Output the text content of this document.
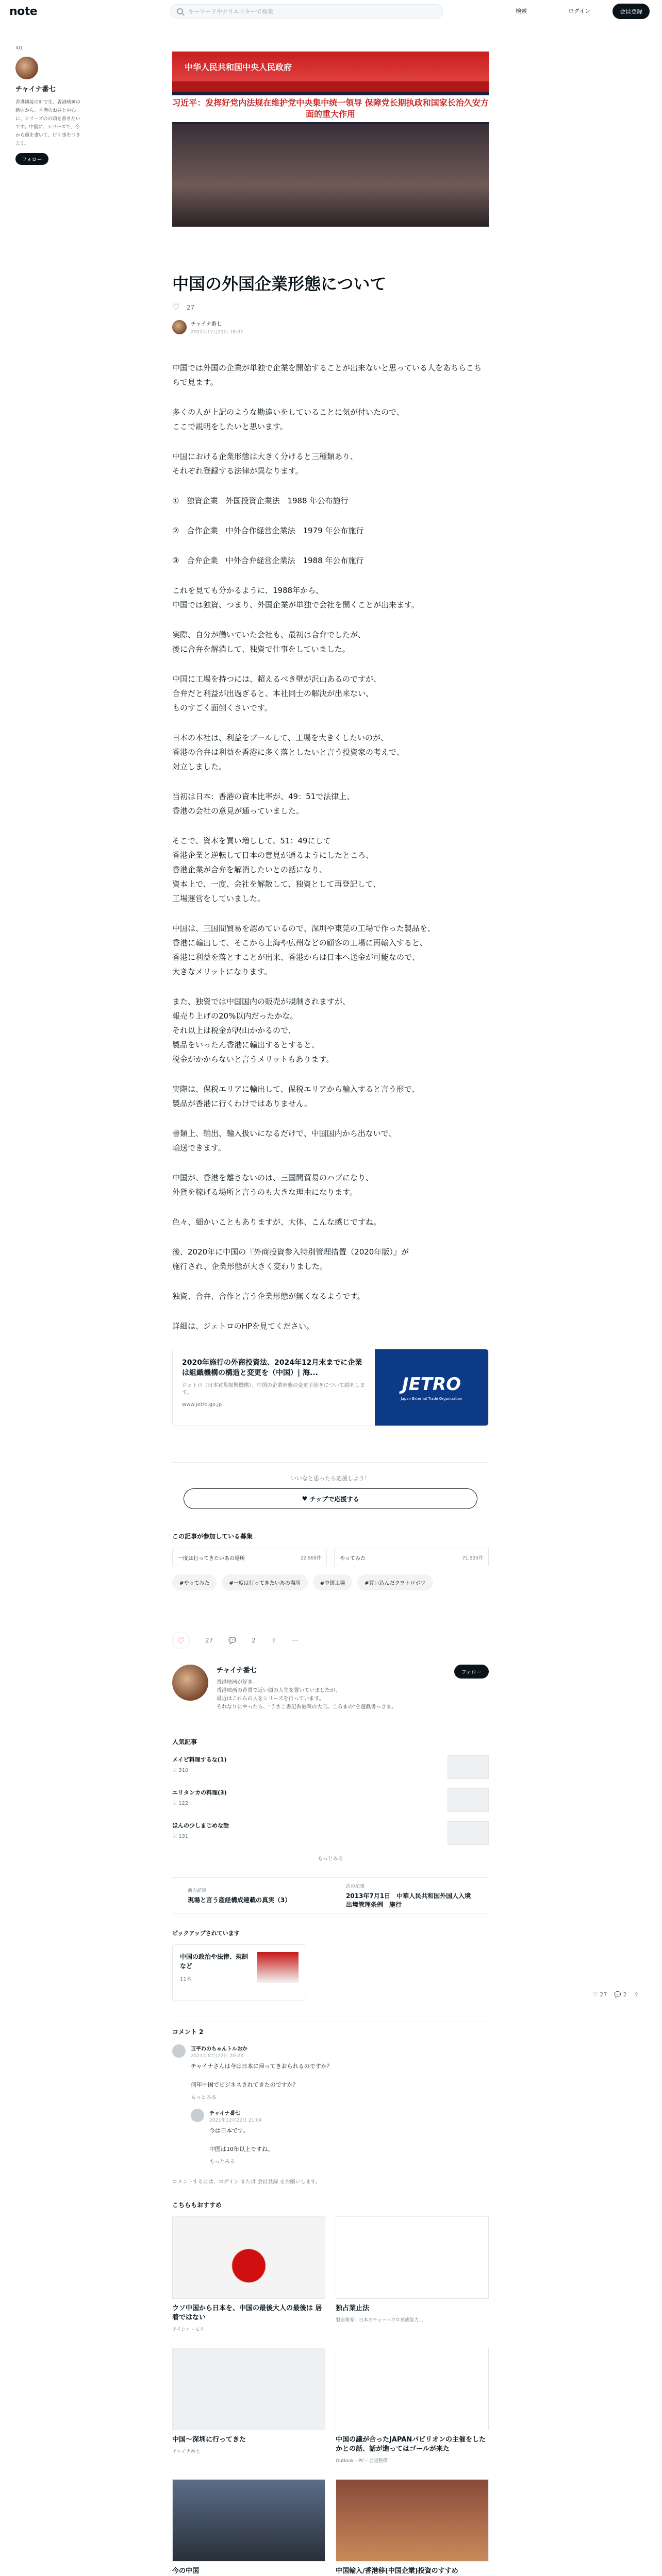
note	キーワードやクリエイターで検索	検索	ログイン	会員登録
40,
チャイナ番七
香港隣接の町で生、香港映画の新居から、香港のお昼と中心に、シリーズのの頭を書きたいです。中国に、シリーズで、今から頭を書いて、行く事をつきます。
フォロー
中华人民共和国中央人民政府
习近平：发挥好党内法规在维护党中央集中统一领导 保障党长期执政和国家长治久安方面的重大作用
中国の外国企業形態について
♡
27
チャイナ番七
2021年12月21日 18:07

中国では外国の企業が単独で企業を開始することが出来ないと思っている人をあちらこちらで見ます。

多くの人が上記のような勘違いをしていることに気が付いたので、
ここで説明をしたいと思います。

中国における企業形態は大きく分けると三種類あり、
それぞれ登録する法律が異なります。

①　独資企業　外国投資企業法　1988 年公布施行

②　合作企業　中外合作経営企業法　1979 年公布施行

③　合弁企業　中外合弁経営企業法　1988 年公布施行

これを見ても分かるように、1988年から、
中国では独資、つまり、外国企業が単独で会社を開くことが出来ます。

実際、自分が働いていた会社も、最初は合弁でしたが、
後に合弁を解消して、独資で仕事をしていました。

中国に工場を持つには、超えるべき壁が沢山あるのですが、
合弁だと利益が出過ぎると、本社同士の解決が出来ない、
ものすごく面倒くさいです。

日本の本社は、利益をプールして、工場を大きくしたいのが、
香港の合弁は利益を香港に多く落としたいと言う投資家の考えで、
対立しました。

当初は日本：香港の資本比率が、49：51で法律上、
香港の会社の意見が通っていました。

そこで、資本を買い増しして、51：49にして
香港企業と逆転して日本の意見が通るようにしたところ、
香港企業が合弁を解消したいとの話になり、
資本上で、一度、会社を解散して、独資として再登記して、
工場運営をしていました。

中国は、三国間貿易を認めているので、深圳や東莞の工場で作った製品を、
香港に輸出して、そこから上海や広州などの顧客の工場に再輸入すると、
香港に利益を落とすことが出来、香港からは日本へ送金が可能なので、
大きなメリットになります。

また、独資では中国国内の販売が規制されますが、
報売り上げの20%以内だったかな。
それ以上は税金が沢山かかるので、
製品をいったん香港に輸出するとすると、
税金がかからないと言うメリットもあります。

実際は、保税エリアに輸出して、保税エリアから輸入すると言う形で、
製品が香港に行くわけではありません。

書類上、輸出、輸入扱いになるだけで、中国国内から出ないで、
輸送できます。

中国が、香港を離さないのは、三国間貿易のハブになり、
外貨を稼げる場所と言うのも大きな理由になります。

色々、細かいこともありますが、大体、こんな感じですね。

後、2020年に中国の『外商投資参入特別管理措置（2020年版）』が
施行され、企業形態が大きく変わりました。

独資、合弁、合作と言う企業形態が無くなるようです。

詳細は、ジェトロのHPを見てください。

2020年施行の外商投資法、2024年12月末までに企業は組織機構の構造と変更を（中国）| 海...
ジェトロ（日本貿易振興機構）、中国の企業形態の変更手続きについて説明します。
www.jetro.go.jp
JETRO
Japan External Trade Organization
いいなと思ったら応援しよう！
♥ チップで応援する
この記事が参加している募集
一度は行ってきたいあの場所	22,969件	やってみた	71,535件
#やってみた	#一度は行ってきたいあの場所	#中国工場	#買い込んだクワトロボウ
♡	27	💬	2	⇪	⋯
チャイナ番七
香港映画が好き。
香港映画の背景で近い顔の人生を置いていましたが、
最近はこれらの人をシリーズを行っています。
それなりにやったら、"うさこ書記香港叫の大皿。ころまの"を遊戯書っきま。
フォロー
人気記事
メイビ料理するな(1)
♡ 310
エリタンカの料理(3)
♡ 122
ほんの少しまじめな話
♡ 131
もっとみる
前の記事
現場と言う産経構成連載の真実（3）
次の記事
2013年7月1日　中華人民共和国外国人入境出境管理条例　施行
ピックアップされています
中国の政治や法律、規制など
11本
コメント 2
卫平わのちゃんトルおか
2021年12月22日 20:23
チャイナさんは今は日本に帰ってきおられるのですか？

何年中国でビジネスされてきたのですか？
もっとみる
チャイナ番七
2021年12月22日 21:04
今は日本です。

中国は10年以上ですね。
もっとみる
コメントするには、ログイン または 会員登録 をお願いします。
こちらもおすすめ
ウソ中国から日本を、中国の最後大人の最後は 居着ではない
アイシャ・モリ
独占業止法
製造業界：日本のチェーハウロ形成能力...
中国〜深圳に行ってきた
チャイナ番七
中国の議が合ったJAPANパビリオンの主催をしたかとの話、話が進ってはゴールが来た
Outlook・PC・会話整備
今の中国	中国輸入/香港移(中国企業)投資のすすめ
♡ 27 💬 2 ⇪
